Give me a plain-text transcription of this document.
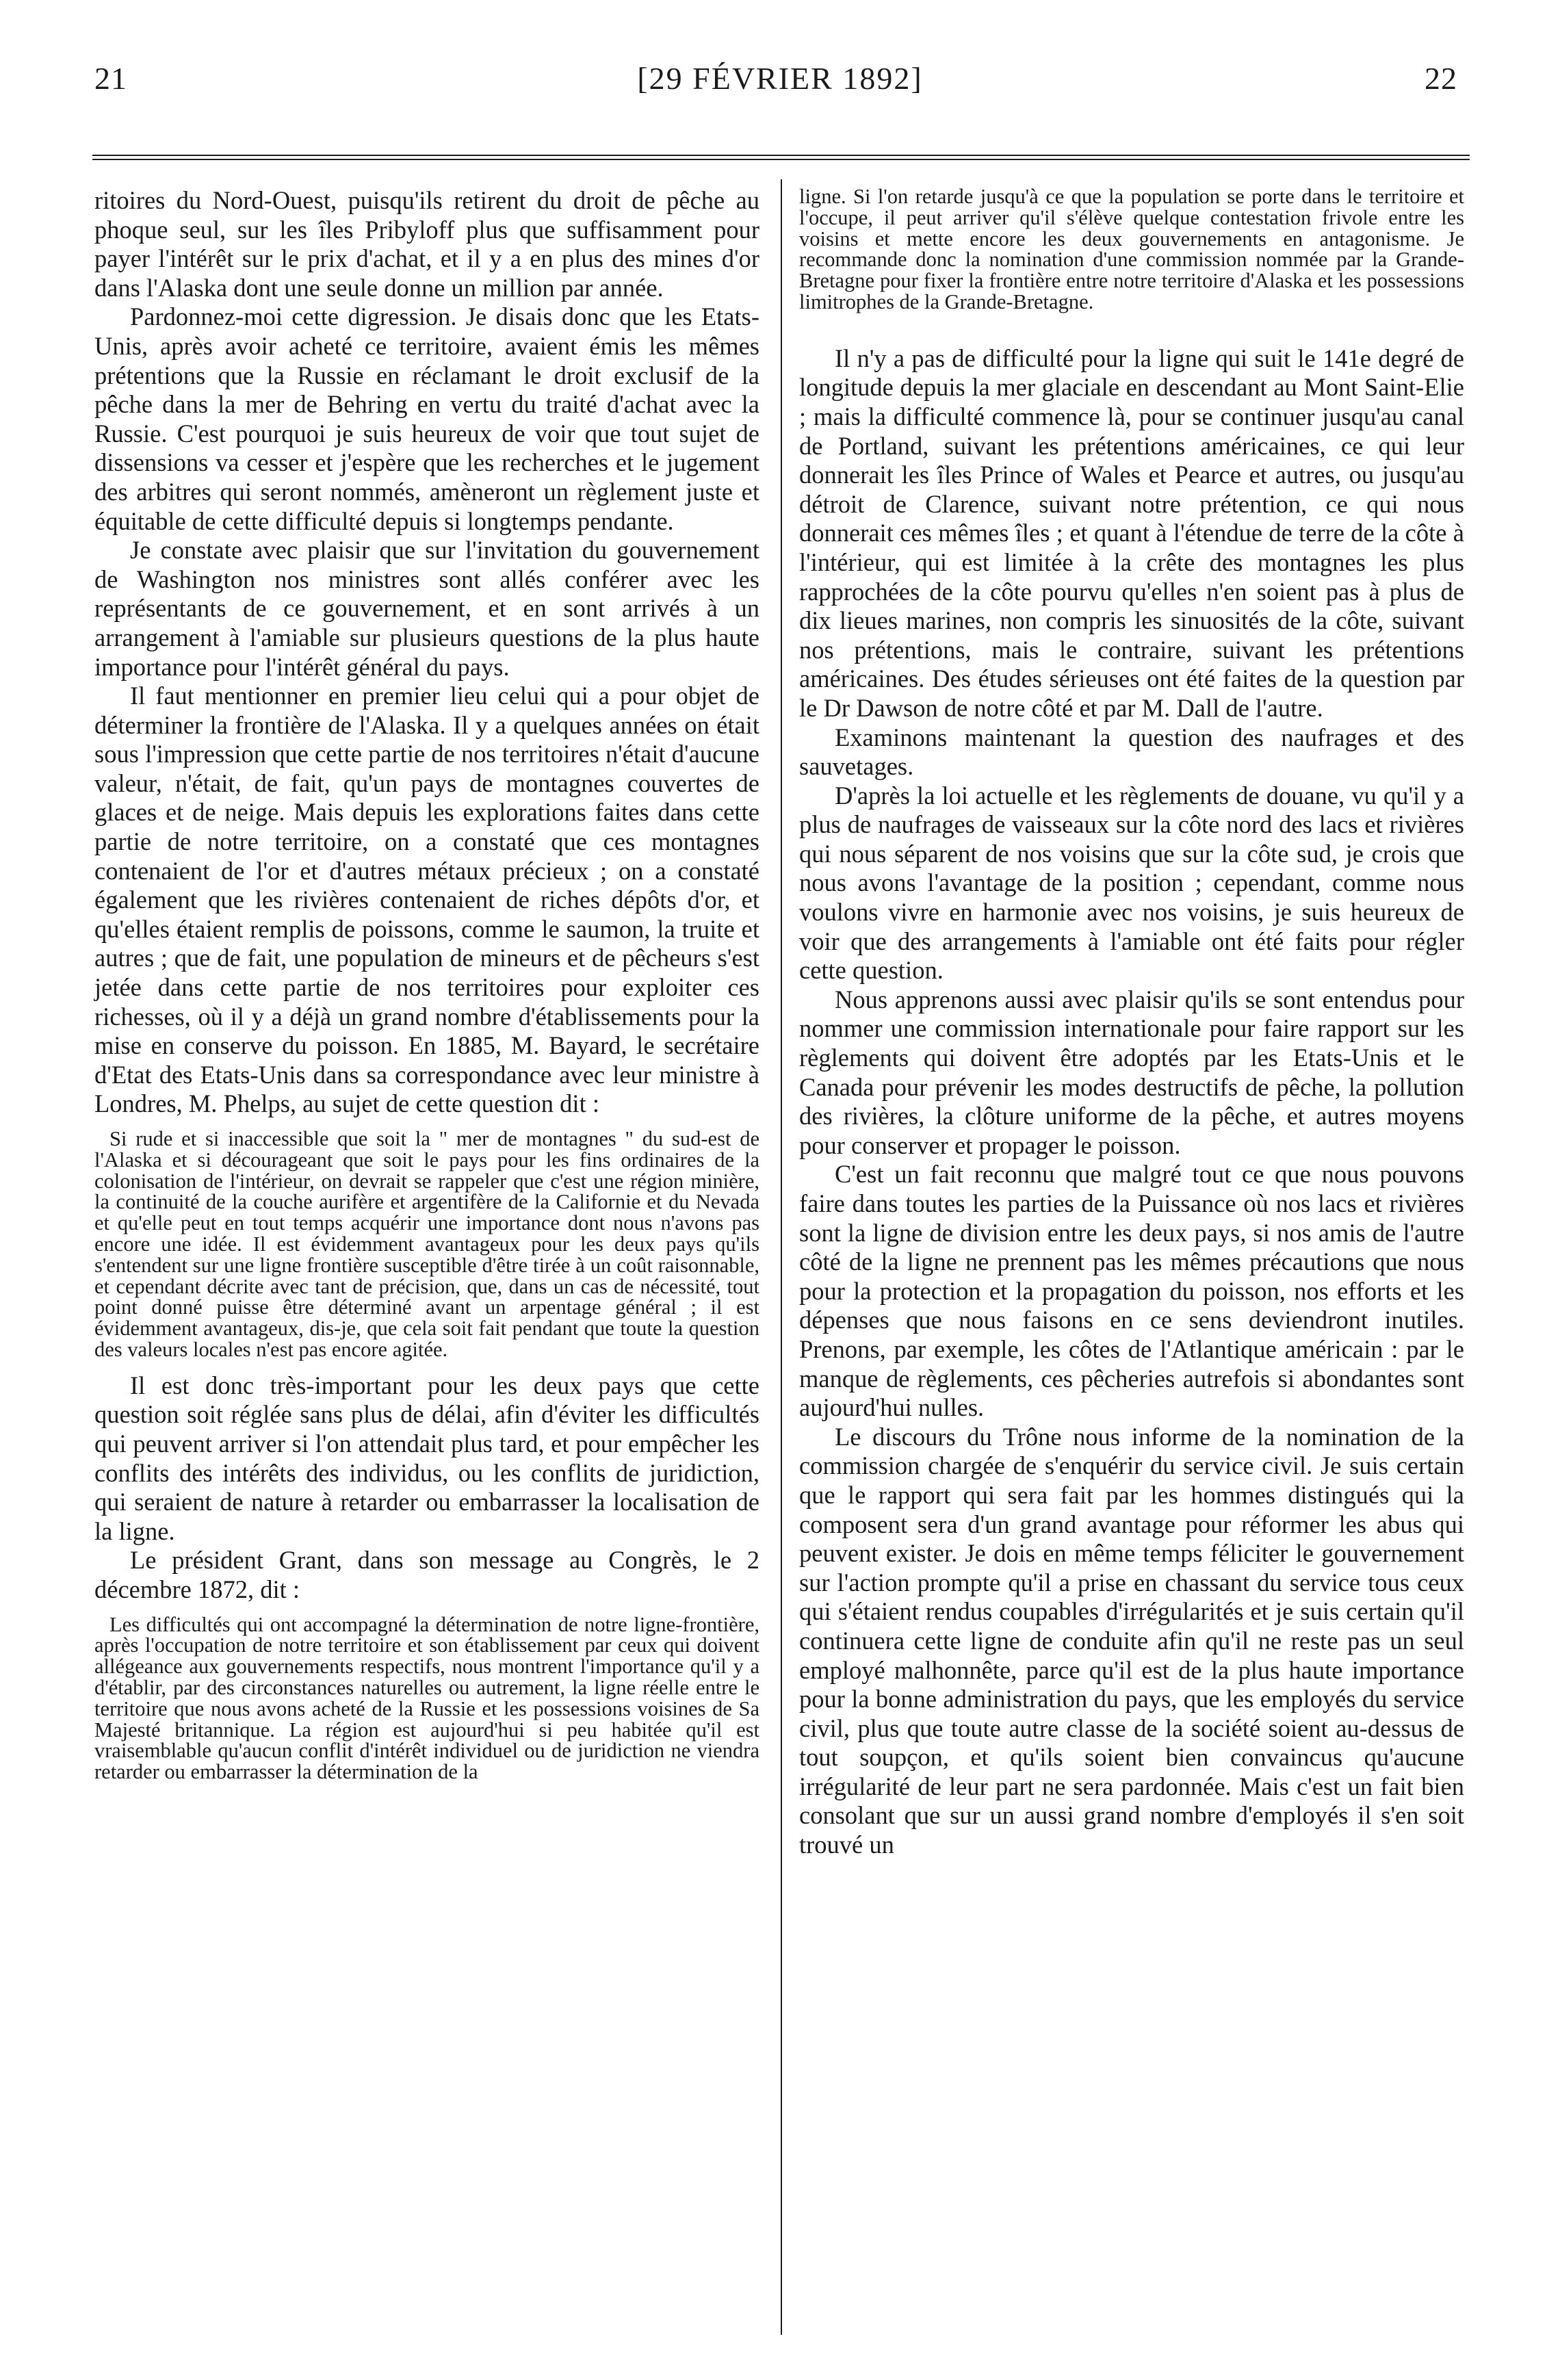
21	[29 FÉVRIER 1892]	22

ritoires du Nord-Ouest, puisqu'ils retirent du droit de pêche au phoque seul, sur les îles Pribyloff plus que suffisamment pour payer l'intérêt sur le prix d'achat, et il y a en plus des mines d'or dans l'Alaska dont une seule donne un million par année.

Pardonnez-moi cette digression. Je disais donc que les Etats-Unis, après avoir acheté ce territoire, avaient émis les mêmes prétentions que la Russie en réclamant le droit exclusif de la pêche dans la mer de Behring en vertu du traité d'achat avec la Russie. C'est pourquoi je suis heureux de voir que tout sujet de dissensions va cesser et j'espère que les recherches et le jugement des arbitres qui seront nommés, amèneront un règlement juste et équitable de cette difficulté depuis si longtemps pendante.

Je constate avec plaisir que sur l'invitation du gouvernement de Washington nos ministres sont allés conférer avec les représentants de ce gouvernement, et en sont arrivés à un arrangement à l'amiable sur plusieurs questions de la plus haute importance pour l'intérêt général du pays.

Il faut mentionner en premier lieu celui qui a pour objet de déterminer la frontière de l'Alaska. Il y a quelques années on était sous l'impression que cette partie de nos territoires n'était d'aucune valeur, n'était, de fait, qu'un pays de montagnes couvertes de glaces et de neige. Mais depuis les explorations faites dans cette partie de notre territoire, on a constaté que ces montagnes contenaient de l'or et d'autres métaux précieux ; on a constaté également que les rivières contenaient de riches dépôts d'or, et qu'elles étaient remplis de poissons, comme le saumon, la truite et autres ; que de fait, une population de mineurs et de pêcheurs s'est jetée dans cette partie de nos territoires pour exploiter ces richesses, où il y a déjà un grand nombre d'établissements pour la mise en conserve du poisson. En 1885, M. Bayard, le secrétaire d'Etat des Etats-Unis dans sa correspondance avec leur ministre à Londres, M. Phelps, au sujet de cette question dit :

Si rude et si inaccessible que soit la " mer de montagnes " du sud-est de l'Alaska et si décourageant que soit le pays pour les fins ordinaires de la colonisation de l'intérieur, on devrait se rappeler que c'est une région minière, la continuité de la couche aurifère et argentifère de la Californie et du Nevada et qu'elle peut en tout temps acquérir une importance dont nous n'avons pas encore une idée. Il est évidemment avantageux pour les deux pays qu'ils s'entendent sur une ligne frontière susceptible d'être tirée à un coût raisonnable, et cependant décrite avec tant de précision, que, dans un cas de nécessité, tout point donné puisse être déterminé avant un arpentage général ; il est évidemment avantageux, dis-je, que cela soit fait pendant que toute la question des valeurs locales n'est pas encore agitée.

Il est donc très-important pour les deux pays que cette question soit réglée sans plus de délai, afin d'éviter les difficultés qui peuvent arriver si l'on attendait plus tard, et pour empêcher les conflits des intérêts des individus, ou les conflits de juridiction, qui seraient de nature à retarder ou embarrasser la localisation de la ligne.

Le président Grant, dans son message au Congrès, le 2 décembre 1872, dit :

Les difficultés qui ont accompagné la détermination de notre ligne-frontière, après l'occupation de notre territoire et son établissement par ceux qui doivent allégeance aux gouvernements respectifs, nous montrent l'importance qu'il y a d'établir, par des circonstances naturelles ou autrement, la ligne réelle entre le territoire que nous avons acheté de la Russie et les possessions voisines de Sa Majesté britannique. La région est aujourd'hui si peu habitée qu'il est vraisemblable qu'aucun conflit d'intérêt individuel ou de juridiction ne viendra retarder ou embarrasser la détermination de la

ligne. Si l'on retarde jusqu'à ce que la population se porte dans le territoire et l'occupe, il peut arriver qu'il s'élève quelque contestation frivole entre les voisins et mette encore les deux gouvernements en antagonisme. Je recommande donc la nomination d'une commission nommée par la Grande-Bretagne pour fixer la frontière entre notre territoire d'Alaska et les possessions limitrophes de la Grande-Bretagne.

Il n'y a pas de difficulté pour la ligne qui suit le 141e degré de longitude depuis la mer glaciale en descendant au Mont Saint-Elie ; mais la difficulté commence là, pour se continuer jusqu'au canal de Portland, suivant les prétentions américaines, ce qui leur donnerait les îles Prince of Wales et Pearce et autres, ou jusqu'au détroit de Clarence, suivant notre prétention, ce qui nous donnerait ces mêmes îles ; et quant à l'étendue de terre de la côte à l'intérieur, qui est limitée à la crête des montagnes les plus rapprochées de la côte pourvu qu'elles n'en soient pas à plus de dix lieues marines, non compris les sinuosités de la côte, suivant nos prétentions, mais le contraire, suivant les prétentions américaines. Des études sérieuses ont été faites de la question par le Dr Dawson de notre côté et par M. Dall de l'autre.

Examinons maintenant la question des naufrages et des sauvetages.

D'après la loi actuelle et les règlements de douane, vu qu'il y a plus de naufrages de vaisseaux sur la côte nord des lacs et rivières qui nous séparent de nos voisins que sur la côte sud, je crois que nous avons l'avantage de la position ; cependant, comme nous voulons vivre en harmonie avec nos voisins, je suis heureux de voir que des arrangements à l'amiable ont été faits pour régler cette question.

Nous apprenons aussi avec plaisir qu'ils se sont entendus pour nommer une commission internationale pour faire rapport sur les règlements qui doivent être adoptés par les Etats-Unis et le Canada pour prévenir les modes destructifs de pêche, la pollution des rivières, la clôture uniforme de la pêche, et autres moyens pour conserver et propager le poisson.

C'est un fait reconnu que malgré tout ce que nous pouvons faire dans toutes les parties de la Puissance où nos lacs et rivières sont la ligne de division entre les deux pays, si nos amis de l'autre côté de la ligne ne prennent pas les mêmes précautions que nous pour la protection et la propagation du poisson, nos efforts et les dépenses que nous faisons en ce sens deviendront inutiles. Prenons, par exemple, les côtes de l'Atlantique américain : par le manque de règlements, ces pêcheries autrefois si abondantes sont aujourd'hui nulles.

Le discours du Trône nous informe de la nomination de la commission chargée de s'enquérir du service civil. Je suis certain que le rapport qui sera fait par les hommes distingués qui la composent sera d'un grand avantage pour réformer les abus qui peuvent exister. Je dois en même temps féliciter le gouvernement sur l'action prompte qu'il a prise en chassant du service tous ceux qui s'étaient rendus coupables d'irrégularités et je suis certain qu'il continuera cette ligne de conduite afin qu'il ne reste pas un seul employé malhonnête, parce qu'il est de la plus haute importance pour la bonne administration du pays, que les employés du service civil, plus que toute autre classe de la société soient au-dessus de tout soupçon, et qu'ils soient bien convaincus qu'aucune irrégularité de leur part ne sera pardonnée. Mais c'est un fait bien consolant que sur un aussi grand nombre d'employés il s'en soit trouvé un
